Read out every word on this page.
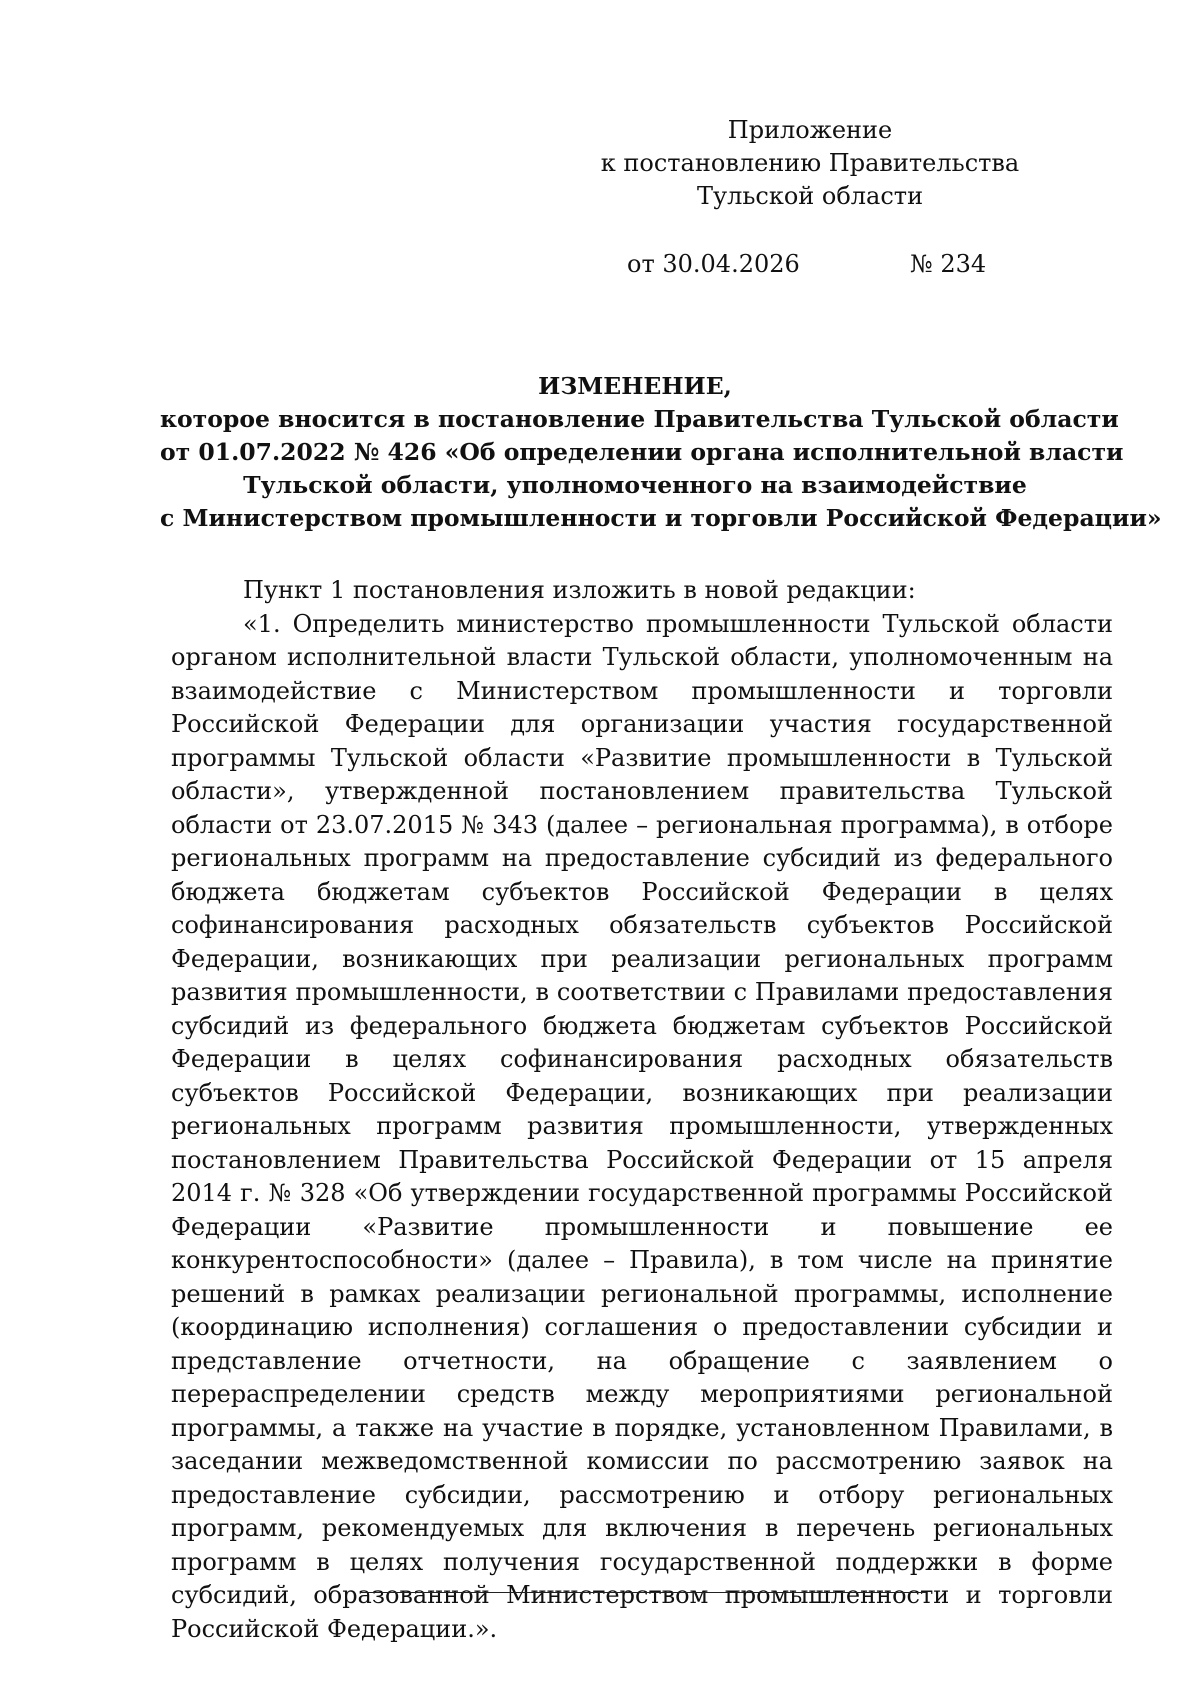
Приложение
к постановлению Правительства
Тульской области
от 30.04.2026	№ 234
ИЗМЕНЕНИЕ,
которое вносится в постановление Правительства Тульской области
от 01.07.2022 № 426 «Об определении органа исполнительной власти
Тульской области, уполномоченного на взаимодействие
с Министерством промышленности и торговли Российской Федерации»

Пункт 1 постановления изложить в новой редакции:

«1. Определить министерство промышленности Тульской области органом исполнительной власти Тульской области, уполномоченным на взаимодействие с Министерством промышленности и торговли Российской Федерации для организации участия государственной программы Тульской области «Развитие промышленности в Тульской области», утвержденной постановлением правительства Тульской области от 23.07.2015 № 343 (далее – региональная программа), в отборе региональных программ на предоставление субсидий из федерального бюджета бюджетам субъектов Российской Федерации в целях софинансирования расходных обязательств субъектов Российской Федерации, возникающих при реализации региональных программ развития промышленности, в соответствии с Правилами предоставления субсидий из федерального бюджета бюджетам субъектов Российской Федерации в целях софинансирования расходных обязательств субъектов Российской Федерации, возникающих при реализации региональных программ развития промышленности, утвержденных постановлением Правительства Российской Федерации от 15 апреля 2014 г. № 328 «Об утверждении государственной программы Российской Федерации «Развитие промышленности и повышение ее конкурентоспособности» (далее – Правила), в том числе на принятие решений в рамках реализации региональной программы, исполнение (координацию исполнения) соглашения о предоставлении субсидии и представление отчетности, на обращение с заявлением о перераспределении средств между мероприятиями региональной программы, а также на участие в порядке, установленном Правилами, в заседании межведомственной комиссии по рассмотрению заявок на предоставление субсидии, рассмотрению и отбору региональных программ, рекомендуемых для включения в перечень региональных программ в целях получения государственной поддержки в форме субсидий, образованной Министерством промышленности и торговли Российской Федерации.».
